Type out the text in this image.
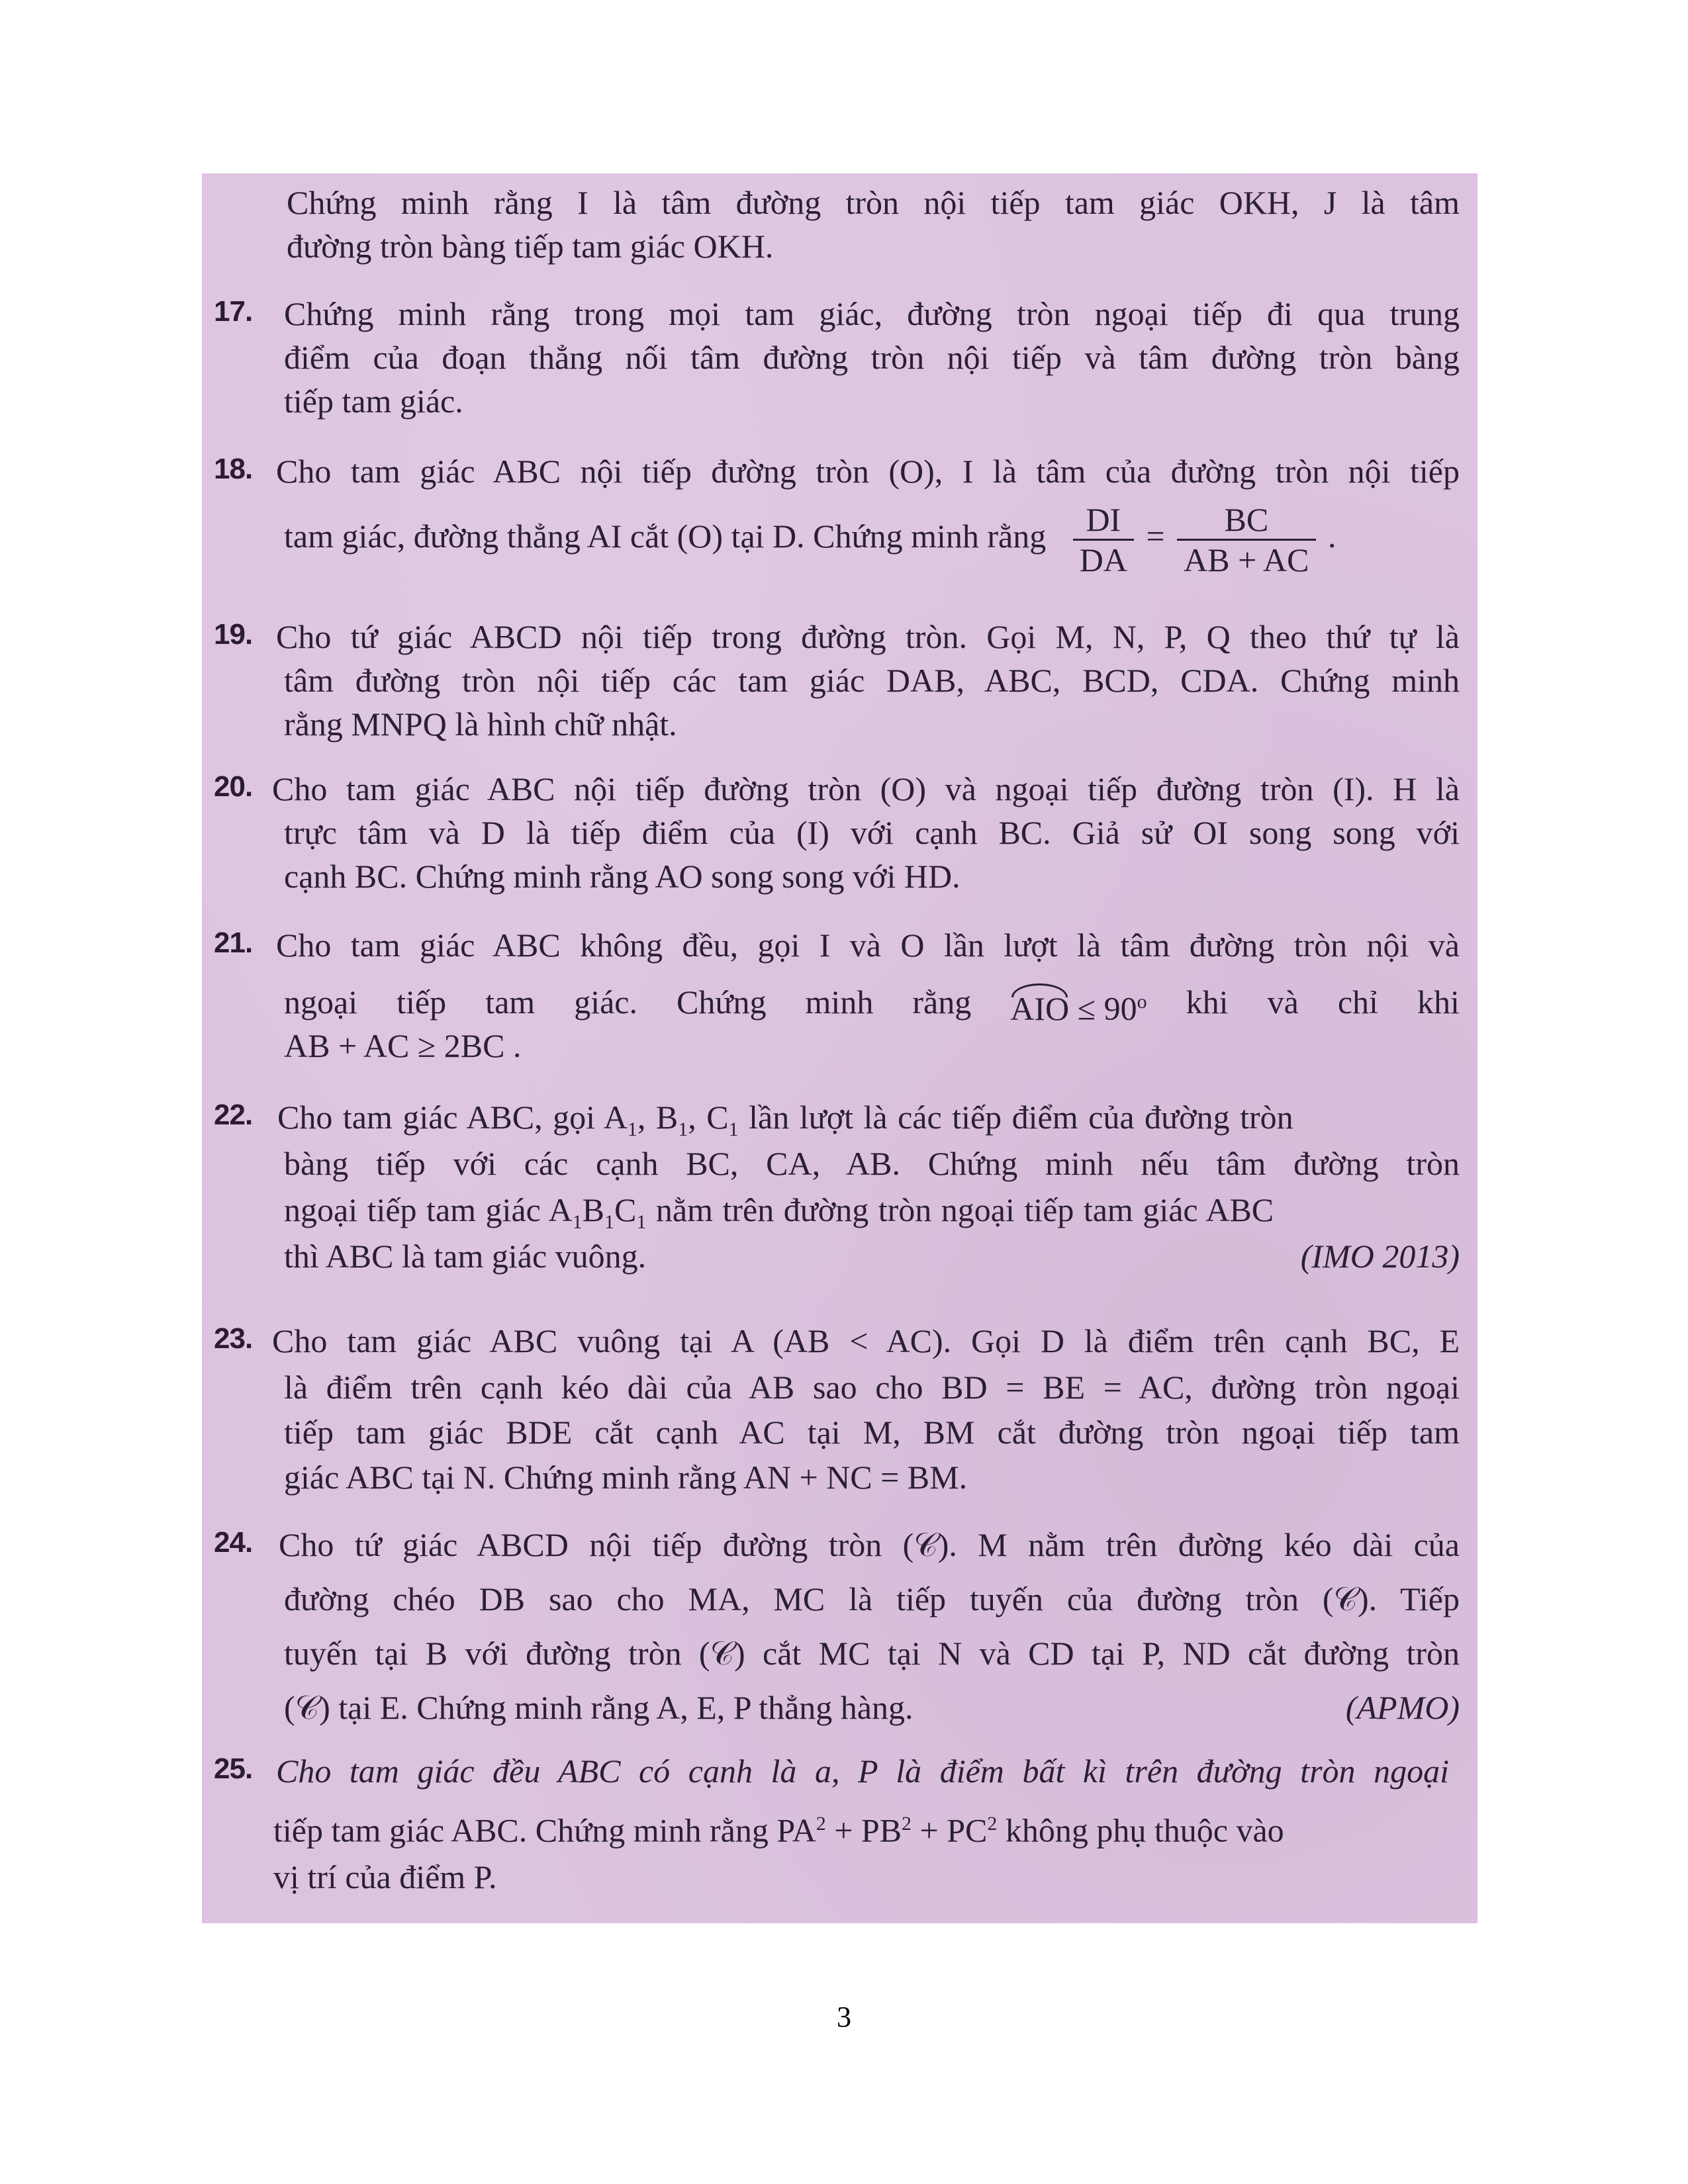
Chứng minh rằng I là tâm đường tròn nội tiếp tam giác OKH, J là tâm
đường tròn bàng tiếp tam giác OKH.
17. Chứng minh rằng trong mọi tam giác, đường tròn ngoại tiếp đi qua trung
điểm của đoạn thẳng nối tâm đường tròn nội tiếp và tâm đường tròn bàng
tiếp tam giác.
18. Cho tam giác ABC nội tiếp đường tròn (O), I là tâm của đường tròn nội tiếp
tam giác, đường thẳng AI cắt (O) tại D. Chứng minh rằng $\frac{DI}{DA} = \frac{BC}{AB + AC}$ .
19. Cho tứ giác ABCD nội tiếp trong đường tròn. Gọi M, N, P, Q theo thứ tự là
tâm đường tròn nội tiếp các tam giác DAB, ABC, BCD, CDA. Chứng minh
rằng MNPQ là hình chữ nhật.
20. Cho tam giác ABC nội tiếp đường tròn (O) và ngoại tiếp đường tròn (I). H là
trực tâm và D là tiếp điểm của (I) với cạnh BC. Giả sử OI song song với
cạnh BC. Chứng minh rằng AO song song với HD.
21. Cho tam giác ABC không đều, gọi I và O lần lượt là tâm đường tròn nội và
ngoại tiếp tam giác. Chứng minh rằng AIO ≤ $90^o$ khi và chỉ khi
AB + AC ≥ 2BC .
22. Cho tam giác ABC, gọi $A_1$, $B_1$, $C_1$ lần lượt là các tiếp điểm của đường tròn
bàng tiếp với các cạnh BC, CA, AB. Chứng minh nếu tâm đường tròn
ngoại tiếp tam giác $A_1B_1C_1$ nằm trên đường tròn ngoại tiếp tam giác ABC
thì ABC là tam giác vuông.	(IMO 2013)
23. Cho tam giác ABC vuông tại A (AB < AC). Gọi D là điểm trên cạnh BC, E
là điểm trên cạnh kéo dài của AB sao cho BD = BE = AC, đường tròn ngoại
tiếp tam giác BDE cắt cạnh AC tại M, BM cắt đường tròn ngoại tiếp tam
giác ABC tại N. Chứng minh rằng AN + NC = BM.
24. Cho tứ giác ABCD nội tiếp đường tròn (𝒞). M nằm trên đường kéo dài của
đường chéo DB sao cho MA, MC là tiếp tuyến của đường tròn (𝒞). Tiếp
tuyến tại B với đường tròn (𝒞) cắt MC tại N và CD tại P, ND cắt đường tròn
(𝒞) tại E. Chứng minh rằng A, E, P thẳng hàng.	(APMO)
25. Cho tam giác đều ABC có cạnh là a, P là điểm bất kì trên đường tròn ngoại
tiếp tam giác ABC. Chứng minh rằng $PA^2 + PB^2 + PC^2$ không phụ thuộc vào
vị trí của điểm P.
3
